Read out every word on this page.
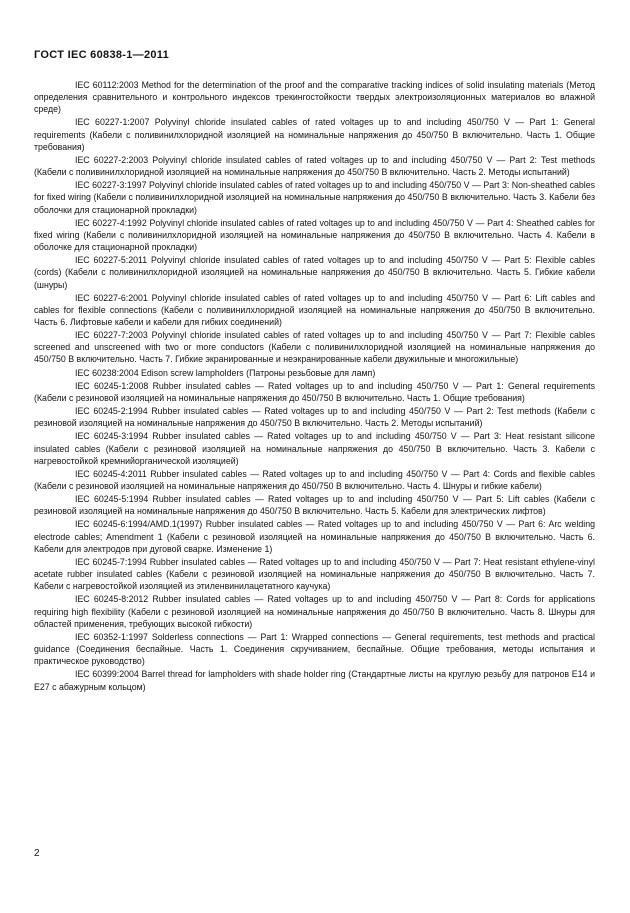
ГОСТ IEC 60838-1—2011

IEC 60112:2003 Method for the determination of the proof and the comparative tracking indices of solid insulating materials (Метод определения сравнительного и контрольного индексов трекингостойкости твердых электроизоляционных материалов во влажной среде)

IEC 60227-1:2007 Polyvinyl chloride insulated cables of rated voltages up to and including 450/750 V — Part 1: General requirements (Кабели с поливинилхлоридной изоляцией на номинальные напряжения до 450/750 В включительно. Часть 1. Общие требования)

IEC 60227-2:2003 Polyvinyl chloride insulated cables of rated voltages up to and including 450/750 V — Part 2: Test methods (Кабели с поливинилхлоридной изоляцией на номинальные напряжения до 450/750 В включительно. Часть 2. Методы испытаний)

IEC 60227-3:1997 Polyvinyl chloride insulated cables of rated voltages up to and including 450/750 V — Part 3: Non-sheathed cables for fixed wiring (Кабели с поливинилхлоридной изоляцией на номинальные напряжения до 450/750 В включительно. Часть 3. Кабели без оболочки для стационарной прокладки)

IEC 60227-4:1992 Polyvinyl chloride insulated cables of rated voltages up to and including 450/750 V — Part 4: Sheathed cables for fixed wiring (Кабели с поливинилхлоридной изоляцией на номинальные напряжения до 450/750 В включительно. Часть 4. Кабели в оболочке для стационарной прокладки)

IEC 60227-5:2011 Polyvinyl chloride insulated cables of rated voltages up to and including 450/750 V — Part 5: Flexible cables (cords) (Кабели с поливинилхлоридной изоляцией на номинальные напряжения до 450/750 В включительно. Часть 5. Гибкие кабели (шнуры)

IEC 60227-6:2001 Polyvinyl chloride insulated cables of rated voltages up to and including 450/750 V — Part 6: Lift cables and cables for flexible connections (Кабели с поливинилхлоридной изоляцией на номинальные напряжения до 450/750 В включительно. Часть 6. Лифтовые кабели и кабели для гибких соединений)

IEC 60227-7:2003 Polyvinyl chloride insulated cables of rated voltages up to and including 450/750 V — Part 7: Flexible cables screened and unscreened with two or more conductors (Кабели с поливинилхлоридной изоляцией на номинальные напряжения до 450/750 В включительно. Часть 7. Гибкие экранированные и неэкранированные кабели двужильные и многожильные)

IEC 60238:2004 Edison screw lampholders (Патроны резьбовые для ламп)

IEC 60245-1:2008 Rubber insulated cables — Rated voltages up to and including 450/750 V — Part 1: General requirements (Кабели с резиновой изоляцией на номинальные напряжения до 450/750 В включительно. Часть 1. Общие требования)

IEC 60245-2:1994 Rubber insulated cables — Rated voltages up to and including 450/750 V — Part 2: Test methods (Кабели с резиновой изоляцией на номинальные напряжения до 450/750 В включительно. Часть 2. Методы испытаний)

IEC 60245-3:1994 Rubber insulated cables — Rated voltages up to and including 450/750 V — Part 3: Heat resistant silicone insulated cables (Кабели с резиновой изоляцией на номинальные напряжения до 450/750 В включительно. Часть 3. Кабели с нагревостойкой кремнийорганической изоляцией)

IEC 60245-4:2011 Rubber insulated cables — Rated voltages up to and including 450/750 V — Part 4: Cords and flexible cables (Кабели с резиновой изоляцией на номинальные напряжения до 450/750 В включительно. Часть 4. Шнуры и гибкие кабели)

IEC 60245-5:1994 Rubber insulated cables — Rated voltages up to and including 450/750 V — Part 5: Lift cables (Кабели с резиновой изоляцией на номинальные напряжения до 450/750 В включительно. Часть 5. Кабели для электрических лифтов)

IEC 60245-6:1994/AMD.1(1997) Rubber insulated cables — Rated voltages up to and including 450/750 V — Part 6: Arc welding electrode cables; Amendment 1 (Кабели с резиновой изоляцией на номинальные напряжения до 450/750 В включительно. Часть 6. Кабели для электродов при дуговой сварке. Изменение 1)

IEC 60245-7:1994 Rubber insulated cables — Rated voltages up to and including 450/750 V — Part 7: Heat resistant ethylene-vinyl acetate rubber insulated cables (Кабели с резиновой изоляцией на номинальные напряжения до 450/750 В включительно. Часть 7. Кабели с нагревостойкой изоляцией из этиленвинилацетатного каучука)

IEC 60245-8:2012 Rubber insulated cables — Rated voltages up to and including 450/750 V — Part 8: Cords for applications requiring high flexibility (Кабели с резиновой изоляцией на номинальные напряжения до 450/750 В включительно. Часть 8. Шнуры для областей применения, требующих высокой гибкости)

IEC 60352-1:1997 Solderless connections — Part 1: Wrapped connections — General requirements, test methods and practical guidance (Соединения беспайные. Часть 1. Соединения скручиванием, беспайные. Общие требования, методы испытания и практическое руководство)

IEC 60399:2004 Barrel thread for lampholders with shade holder ring (Стандартные листы на круглую резьбу для патронов Е14 и Е27 с абажурным кольцом)

2
